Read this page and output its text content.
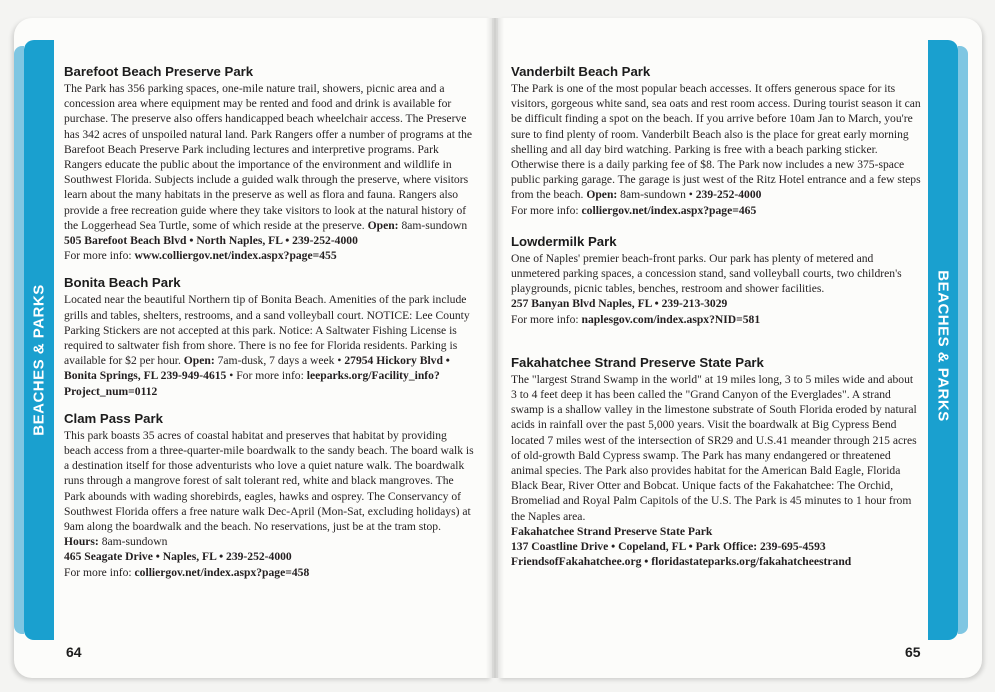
BEACHES & PARKS	BEACHES & PARKS
Barefoot Beach Preserve Park

The Park has 356 parking spaces, one-mile nature trail, showers, picnic area and a concession area where equipment may be rented and food and drink is available for purchase. The preserve also offers handicapped beach wheelchair access. The Preserve has 342 acres of unspoiled natural land. Park Rangers offer a number of programs at the Barefoot Beach Preserve Park including lectures and interpretive programs. Park Rangers educate the public about the importance of the environment and wildlife in Southwest Florida. Subjects include a guided walk through the preserve, where visitors learn about the many habitats in the preserve as well as flora and fauna. Rangers also provide a free recreation guide where they take visitors to look at the natural history of the Loggerhead Sea Turtle, some of which reside at the preserve. Open: 8am-sundown

505 Barefoot Beach Blvd • North Naples, FL • 239-252-4000

For more info: www.colliergov.net/index.aspx?page=455

Bonita Beach Park

Located near the beautiful Northern tip of Bonita Beach. Amenities of the park include grills and tables, shelters, restrooms, and a sand volleyball court. NOTICE: Lee County Parking Stickers are not accepted at this park. Notice: A Saltwater Fishing License is required to saltwater fish from shore. There is no fee for Florida residents. Parking is available for $2 per hour. Open: 7am-dusk, 7 days a week • 27954 Hickory Blvd • Bonita Springs, FL 239-949-4615 • For more info: leeparks.org/Facility_info?Project_num=0112

Clam Pass Park

This park boasts 35 acres of coastal habitat and preserves that habitat by providing beach access from a three-quarter-mile boardwalk to the sandy beach. The board walk is a destination itself for those adventurists who love a quiet nature walk. The boardwalk runs through a mangrove forest of salt tolerant red, white and black mangroves. The Park abounds with wading shorebirds, eagles, hawks and osprey. The Conservancy of Southwest Florida offers a free nature walk Dec-April (Mon-Sat, excluding holidays) at 9am along the boardwalk and the beach. No reservations, just be at the tram stop.

Hours: 8am-sundown

465 Seagate Drive • Naples, FL • 239-252-4000

For more info: colliergov.net/index.aspx?page=458

Vanderbilt Beach Park

The Park is one of the most popular beach accesses. It offers generous space for its visitors, gorgeous white sand, sea oats and rest room access. During tourist season it can be difficult finding a spot on the beach. If you arrive before 10am Jan to March, you're sure to find plenty of room. Vanderbilt Beach also is the place for great early morning shelling and all day bird watching. Parking is free with a beach parking sticker. Otherwise there is a daily parking fee of $8. The Park now includes a new 375-space public parking garage. The garage is just west of the Ritz Hotel entrance and a few steps from the beach. Open: 8am-sundown • 239-252-4000

For more info: colliergov.net/index.aspx?page=465

Lowdermilk Park

One of Naples' premier beach-front parks. Our park has plenty of metered and unmetered parking spaces, a concession stand, sand volleyball courts, two children's playgrounds, picnic tables, benches, restroom and shower facilities.

257 Banyan Blvd Naples, FL • 239-213-3029

For more info: naplesgov.com/index.aspx?NID=581

Fakahatchee Strand Preserve State Park

The "largest Strand Swamp in the world" at 19 miles long, 3 to 5 miles wide and about 3 to 4 feet deep it has been called the "Grand Canyon of the Everglades". A strand swamp is a shallow valley in the limestone substrate of South Florida eroded by natural acids in rainfall over the past 5,000 years. Visit the boardwalk at Big Cypress Bend located 7 miles west of the intersection of SR29 and U.S.41 meander through 215 acres of old-growth Bald Cypress swamp. The Park has many endangered or threatened animal species. The Park also provides habitat for the American Bald Eagle, Florida Black Bear, River Otter and Bobcat. Unique facts of the Fakahatchee: The Orchid, Bromeliad and Royal Palm Capitols of the U.S. The Park is 45 minutes to 1 hour from the Naples area.

Fakahatchee Strand Preserve State Park

137 Coastline Drive • Copeland, FL • Park Office: 239-695-4593

FriendsofFakahatchee.org • floridastateparks.org/fakahatcheestrand

64	65
